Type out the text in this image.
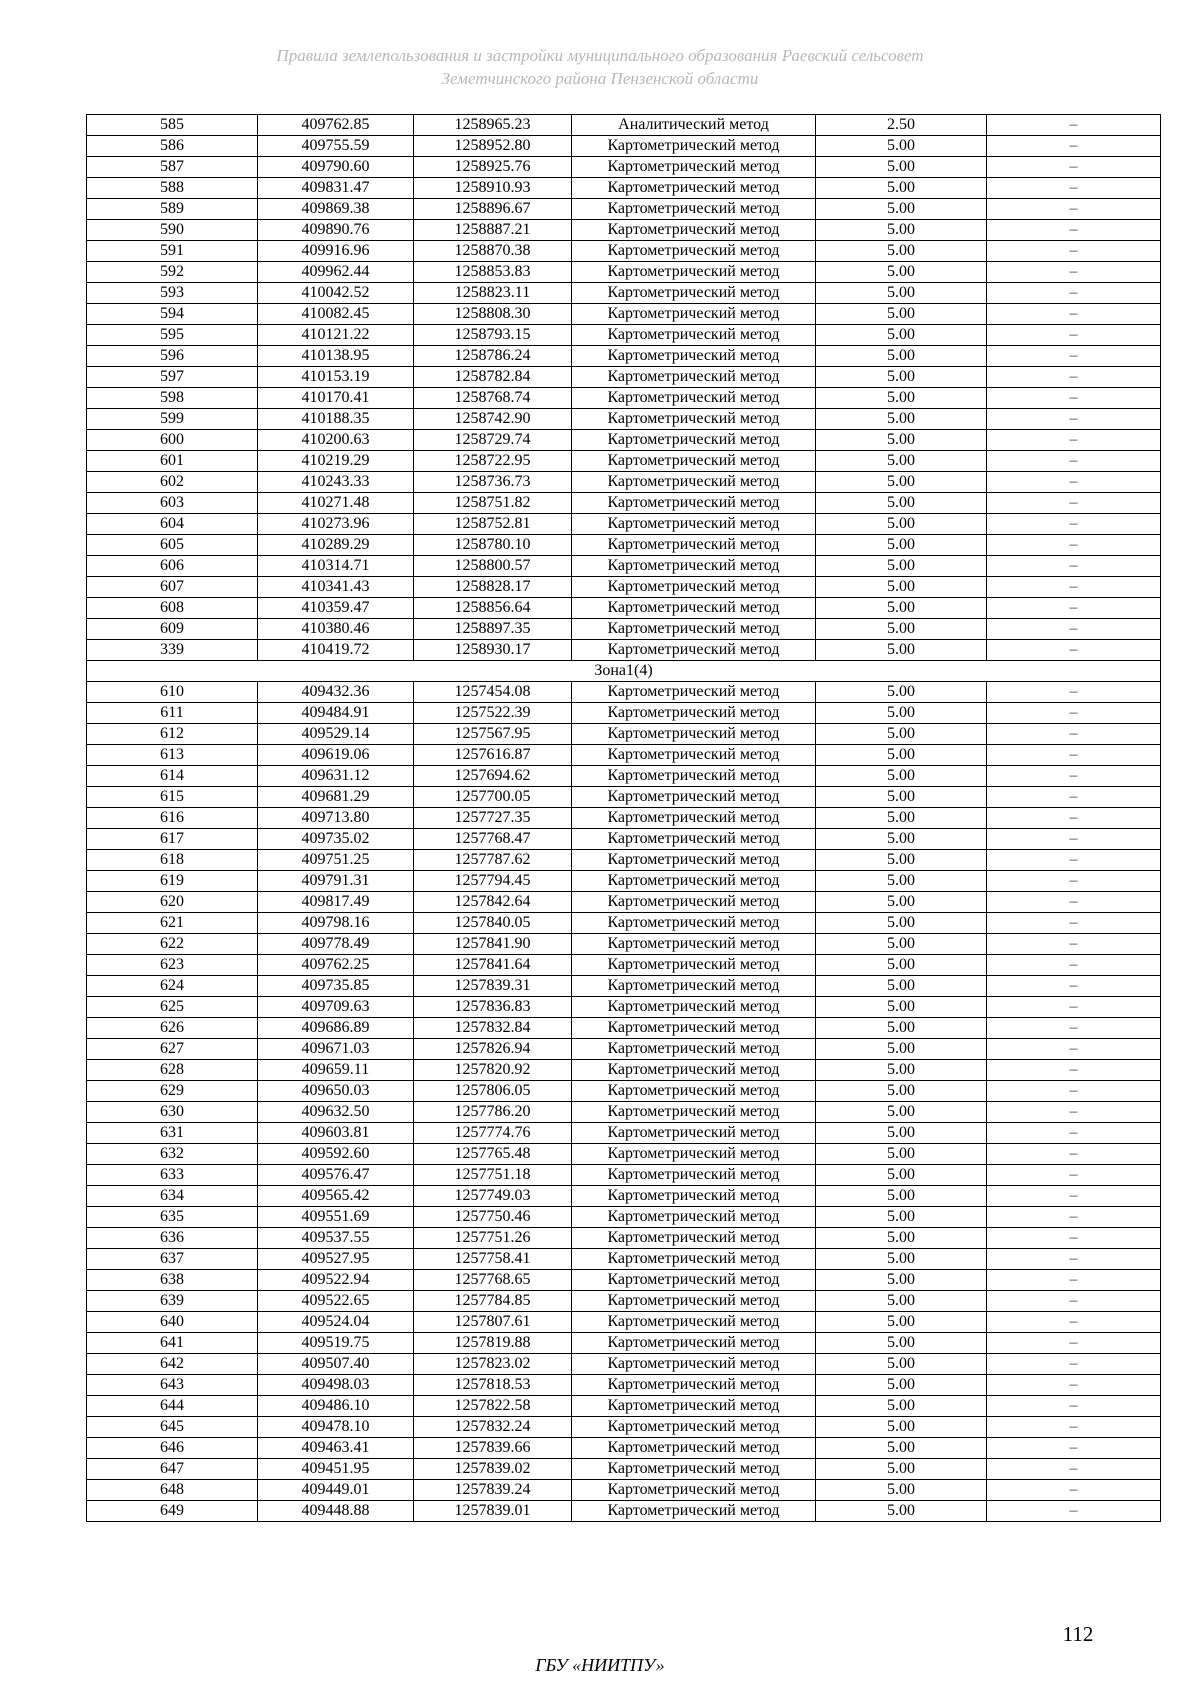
Правила землепользования и застройки муниципального образования Раевский сельсовет
Земетчинского района Пензенской области
585	409762.85	1258965.23	Аналитический метод	2.50	–
586	409755.59	1258952.80	Картометрический метод	5.00	–
587	409790.60	1258925.76	Картометрический метод	5.00	–
588	409831.47	1258910.93	Картометрический метод	5.00	–
589	409869.38	1258896.67	Картометрический метод	5.00	–
590	409890.76	1258887.21	Картометрический метод	5.00	–
591	409916.96	1258870.38	Картометрический метод	5.00	–
592	409962.44	1258853.83	Картометрический метод	5.00	–
593	410042.52	1258823.11	Картометрический метод	5.00	–
594	410082.45	1258808.30	Картометрический метод	5.00	–
595	410121.22	1258793.15	Картометрический метод	5.00	–
596	410138.95	1258786.24	Картометрический метод	5.00	–
597	410153.19	1258782.84	Картометрический метод	5.00	–
598	410170.41	1258768.74	Картометрический метод	5.00	–
599	410188.35	1258742.90	Картометрический метод	5.00	–
600	410200.63	1258729.74	Картометрический метод	5.00	–
601	410219.29	1258722.95	Картометрический метод	5.00	–
602	410243.33	1258736.73	Картометрический метод	5.00	–
603	410271.48	1258751.82	Картометрический метод	5.00	–
604	410273.96	1258752.81	Картометрический метод	5.00	–
605	410289.29	1258780.10	Картометрический метод	5.00	–
606	410314.71	1258800.57	Картометрический метод	5.00	–
607	410341.43	1258828.17	Картометрический метод	5.00	–
608	410359.47	1258856.64	Картометрический метод	5.00	–
609	410380.46	1258897.35	Картометрический метод	5.00	–
339	410419.72	1258930.17	Картометрический метод	5.00	–
Зона1(4)					
610	409432.36	1257454.08	Картометрический метод	5.00	–
611	409484.91	1257522.39	Картометрический метод	5.00	–
612	409529.14	1257567.95	Картометрический метод	5.00	–
613	409619.06	1257616.87	Картометрический метод	5.00	–
614	409631.12	1257694.62	Картометрический метод	5.00	–
615	409681.29	1257700.05	Картометрический метод	5.00	–
616	409713.80	1257727.35	Картометрический метод	5.00	–
617	409735.02	1257768.47	Картометрический метод	5.00	–
618	409751.25	1257787.62	Картометрический метод	5.00	–
619	409791.31	1257794.45	Картометрический метод	5.00	–
620	409817.49	1257842.64	Картометрический метод	5.00	–
621	409798.16	1257840.05	Картометрический метод	5.00	–
622	409778.49	1257841.90	Картометрический метод	5.00	–
623	409762.25	1257841.64	Картометрический метод	5.00	–
624	409735.85	1257839.31	Картометрический метод	5.00	–
625	409709.63	1257836.83	Картометрический метод	5.00	–
626	409686.89	1257832.84	Картометрический метод	5.00	–
627	409671.03	1257826.94	Картометрический метод	5.00	–
628	409659.11	1257820.92	Картометрический метод	5.00	–
629	409650.03	1257806.05	Картометрический метод	5.00	–
630	409632.50	1257786.20	Картометрический метод	5.00	–
631	409603.81	1257774.76	Картометрический метод	5.00	–
632	409592.60	1257765.48	Картометрический метод	5.00	–
633	409576.47	1257751.18	Картометрический метод	5.00	–
634	409565.42	1257749.03	Картометрический метод	5.00	–
635	409551.69	1257750.46	Картометрический метод	5.00	–
636	409537.55	1257751.26	Картометрический метод	5.00	–
637	409527.95	1257758.41	Картометрический метод	5.00	–
638	409522.94	1257768.65	Картометрический метод	5.00	–
639	409522.65	1257784.85	Картометрический метод	5.00	–
640	409524.04	1257807.61	Картометрический метод	5.00	–
641	409519.75	1257819.88	Картометрический метод	5.00	–
642	409507.40	1257823.02	Картометрический метод	5.00	–
643	409498.03	1257818.53	Картометрический метод	5.00	–
644	409486.10	1257822.58	Картометрический метод	5.00	–
645	409478.10	1257832.24	Картометрический метод	5.00	–
646	409463.41	1257839.66	Картометрический метод	5.00	–
647	409451.95	1257839.02	Картометрический метод	5.00	–
648	409449.01	1257839.24	Картометрический метод	5.00	–
649	409448.88	1257839.01	Картометрический метод	5.00	–
112
ГБУ «НИИТПУ»
